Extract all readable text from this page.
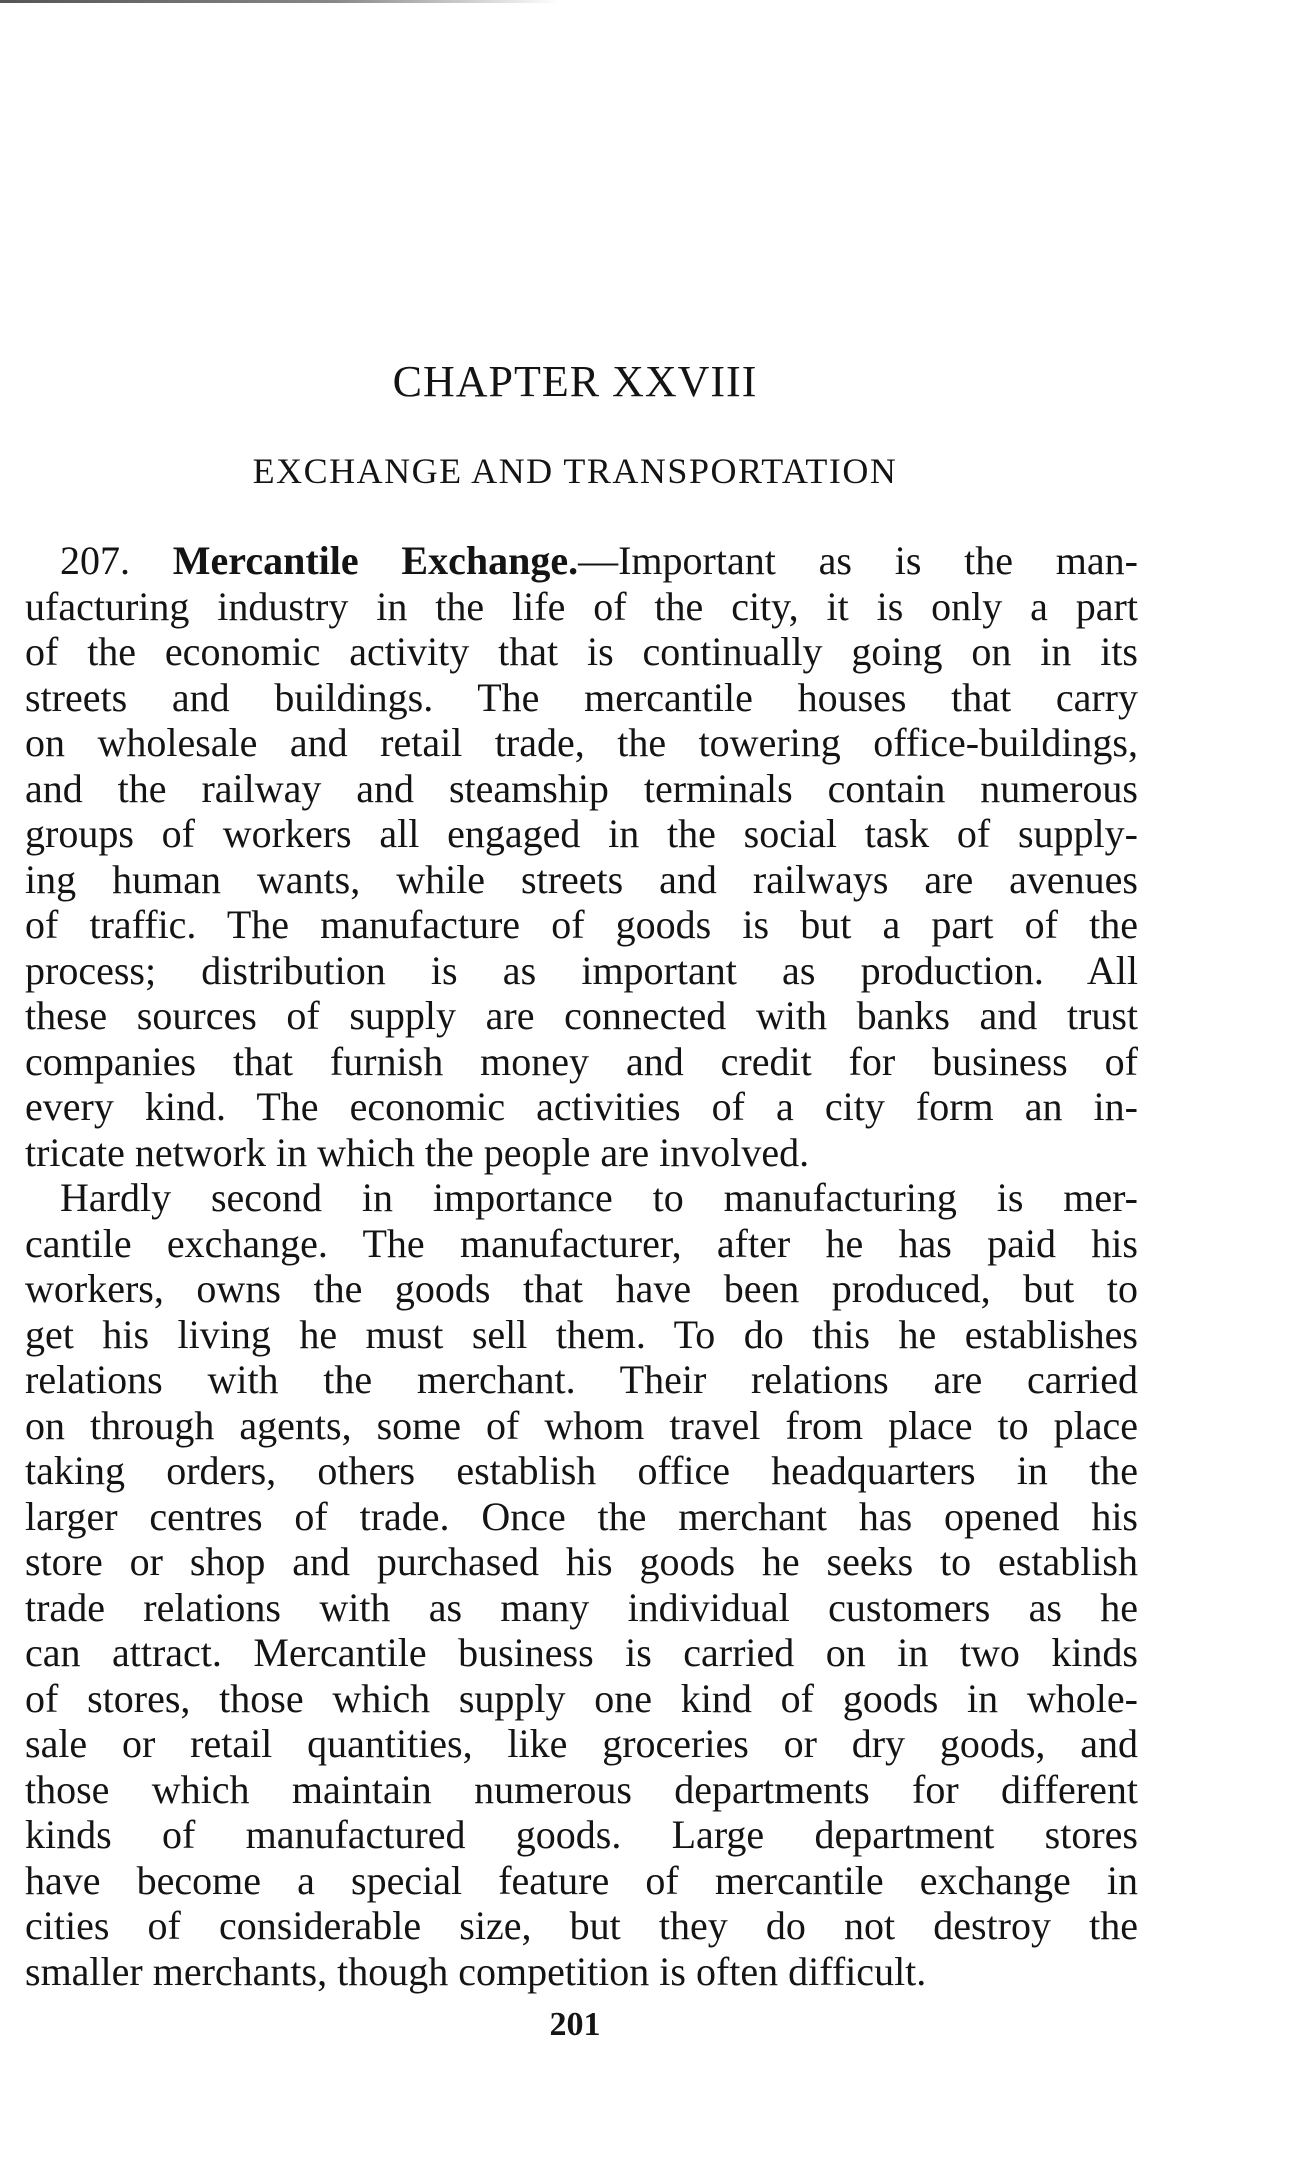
CHAPTER XXVIII
EXCHANGE AND TRANSPORTATION
207. Mercantile Exchange.—Important as is the man-
ufacturing industry in the life of the city, it is only a part
of the economic activity that is continually going on in its
streets and buildings. The mercantile houses that carry
on wholesale and retail trade, the towering office-buildings,
and the railway and steamship terminals contain numerous
groups of workers all engaged in the social task of supply-
ing human wants, while streets and railways are avenues
of traffic. The manufacture of goods is but a part of the
process; distribution is as important as production. All
these sources of supply are connected with banks and trust
companies that furnish money and credit for business of
every kind. The economic activities of a city form an in-
tricate network in which the people are involved.
Hardly second in importance to manufacturing is mer-
cantile exchange. The manufacturer, after he has paid his
workers, owns the goods that have been produced, but to
get his living he must sell them. To do this he establishes
relations with the merchant. Their relations are carried
on through agents, some of whom travel from place to place
taking orders, others establish office headquarters in the
larger centres of trade. Once the merchant has opened his
store or shop and purchased his goods he seeks to establish
trade relations with as many individual customers as he
can attract. Mercantile business is carried on in two kinds
of stores, those which supply one kind of goods in whole-
sale or retail quantities, like groceries or dry goods, and
those which maintain numerous departments for different
kinds of manufactured goods. Large department stores
have become a special feature of mercantile exchange in
cities of considerable size, but they do not destroy the
smaller merchants, though competition is often difficult.
201
